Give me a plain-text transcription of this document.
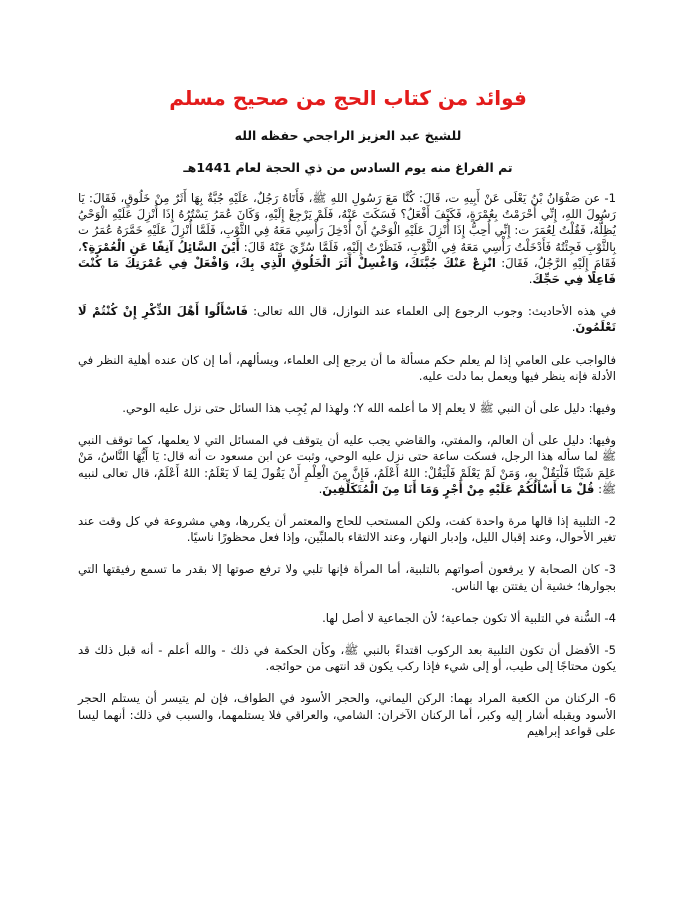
فوائد من كتاب الحج من صحيح مسلم

للشيخ عبد العزيز الراجحي حفظه الله

تم الفراغ منه يوم السادس من ذي الحجة لعام 1441هـ

1- عن صَفْوَانُ بْنُ يَعْلَى عَنْ أَبِيهِ ت، قَالَ: كُنَّا مَعَ رَسُولِ اللهِ ﷺ، فَأَتَاهُ رَجُلٌ، عَلَيْهِ جُبَّةٌ بِهَا أَثَرٌ مِنْ خَلُوقٍ، فَقَالَ: يَا رَسُولَ اللهِ، إِنِّي أَحْرَمْتُ بِعُمْرَةٍ، فَكَيْفَ أَفْعَلُ؟ فَسَكَتَ عَنْهُ، فَلَمْ يَرْجِعْ إِلَيْهِ، وَكَانَ عُمَرُ يَسْتُرُهُ إِذَا أُنْزِلَ عَلَيْهِ الْوَحْيُ يُظِلُّهُ، فَقُلْتُ لِعُمَرَ ت: إِنِّي أُحِبُّ إِذَا أُنْزِلَ عَلَيْهِ الْوَحْيُ أَنْ أُدْخِلَ رَأْسِي مَعَهُ فِي الثَّوْبِ، فَلَمَّا أُنْزِلَ عَلَيْهِ خَمَّرَهُ عُمَرُ ت بِالثَّوْبِ فَجِئْتُهُ فَأَدْخَلْتُ رَأْسِي مَعَهُ فِي الثَّوْبِ، فَنَظَرْتُ إِلَيْهِ، فَلَمَّا سُرِّيَ عَنْهُ قَالَ: أَيْنَ السَّائِلُ آنِفًا عَنِ الْعُمْرَةِ؟، فَقَامَ إِلَيْهِ الرَّجُلُ، فَقَالَ: انْزِعْ عَنْكَ جُبَّتَكَ، وَاغْسِلْ أَثَرَ الْخَلُوقِ الَّذِي بِكَ، وَافْعَلْ فِي عُمْرَتِكَ مَا كُنْتَ فَاعِلًا فِي حَجِّكَ.

في هذه الأحاديث: وجوب الرجوع إلى العلماء عند النوازل، قال الله تعالى: فَاسْأَلُوا أَهْلَ الذِّكْرِ إِنْ كُنْتُمْ لَا تَعْلَمُونَ.

فالواجب على العامي إذا لم يعلم حكم مسألة ما أن يرجع إلى العلماء، ويسألهم، أما إن كان عنده أهلية النظر في الأدلة فإنه ينظر فيها ويعمل بما دلت عليه.

وفيها: دليل على أن النبي ﷺ لا يعلم إلا ما أعلمه الله Y؛ ولهذا لم يُجِب هذا السائل حتى نزل عليه الوحي.

وفيها: دليل على أن العالم، والمفتي، والقاضي يجب عليه أن يتوقف في المسائل التي لا يعلمها، كما توقف النبي ﷺ لما سأله هذا الرجل، فسكت ساعة حتى نزل عليه الوحي، وثبت عن ابن مسعود ت أنه قال: يَا أَيُّهَا النَّاسُ، مَنْ عَلِمَ شَيْئًا فَلْيَقُلْ بِهِ، وَمَنْ لَمْ يَعْلَمْ فَلْيَقُلْ: اللهُ أَعْلَمُ، فَإِنَّ مِنَ الْعِلْمِ أَنْ يَقُولَ لِمَا لَا يَعْلَمُ: اللهُ أَعْلَمُ، قال تعالى لنبيه ﷺ: قُلْ مَا أَسْأَلُكُمْ عَلَيْهِ مِنْ أَجْرٍ وَمَا أَنَا مِنَ الْمُتَكَلِّفِينَ.

2- التلبية إذا قالها مرة واحدة كفت، ولكن المستحب للحاج والمعتمر أن يكررها، وهي مشروعة في كل وقت عند تغير الأحوال، وعند إقبال الليل، وإدبار النهار، وعند الالتقاء بالملبِّين، وإذا فعل محظورًا ناسيًا.

3- كان الصحابة y يرفعون أصواتهم بالتلبية، أما المرأة فإنها تلبي ولا ترفع صوتها إلا بقدر ما تسمع رفيقتها التي بجوارها؛ خشية أن يفتتن بها الناس.

4- السُّنة في التلبية ألا تكون جماعية؛ لأن الجماعية لا أصل لها.

5- الأفضل أن تكون التلبية بعد الركوب اقتداءً بالنبي ﷺ، وكأن الحكمة في ذلك - والله أعلم - أنه قبل ذلك قد يكون محتاجًا إلى طيب، أو إلى شيء فإذا ركب يكون قد انتهى من حوائجه.

6- الركنان من الكعبة المراد بهما: الركن اليماني، والحجر الأسود في الطواف، فإن لم يتيسر أن يستلم الحجر الأسود ويقبله أشار إليه وكبر، أما الركنان الآخران: الشامي، والعراقي فلا يستلمهما، والسبب في ذلك: أنهما ليسا على قواعد إبراهيم
